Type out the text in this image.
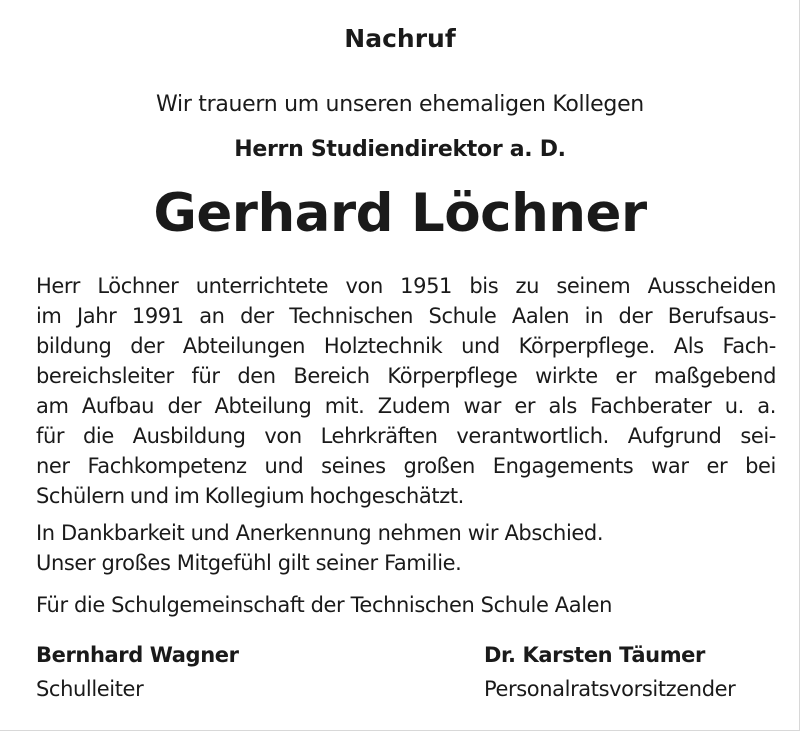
Nachruf
Wir trauern um unseren ehemaligen Kollegen
Herrn Studiendirektor a. D.
Gerhard Löchner
Herr Löchner unterrichtete von 1951 bis zu seinem Ausscheiden
im Jahr 1991 an der Technischen Schule Aalen in der Berufsaus-
bildung der Abteilungen Holztechnik und Körperpflege. Als Fach-
bereichsleiter für den Bereich Körperpflege wirkte er maßgebend
am Aufbau der Abteilung mit. Zudem war er als Fachberater u. a.
für die Ausbildung von Lehrkräften verantwortlich. Aufgrund sei-
ner Fachkompetenz und seines großen Engagements war er bei
Schülern und im Kollegium hochgeschätzt.
In Dankbarkeit und Anerkennung nehmen wir Abschied.
Unser großes Mitgefühl gilt seiner Familie.
Für die Schulgemeinschaft der Technischen Schule Aalen
Bernhard Wagner
Schulleiter
Dr. Karsten Täumer
Personalratsvorsitzender
